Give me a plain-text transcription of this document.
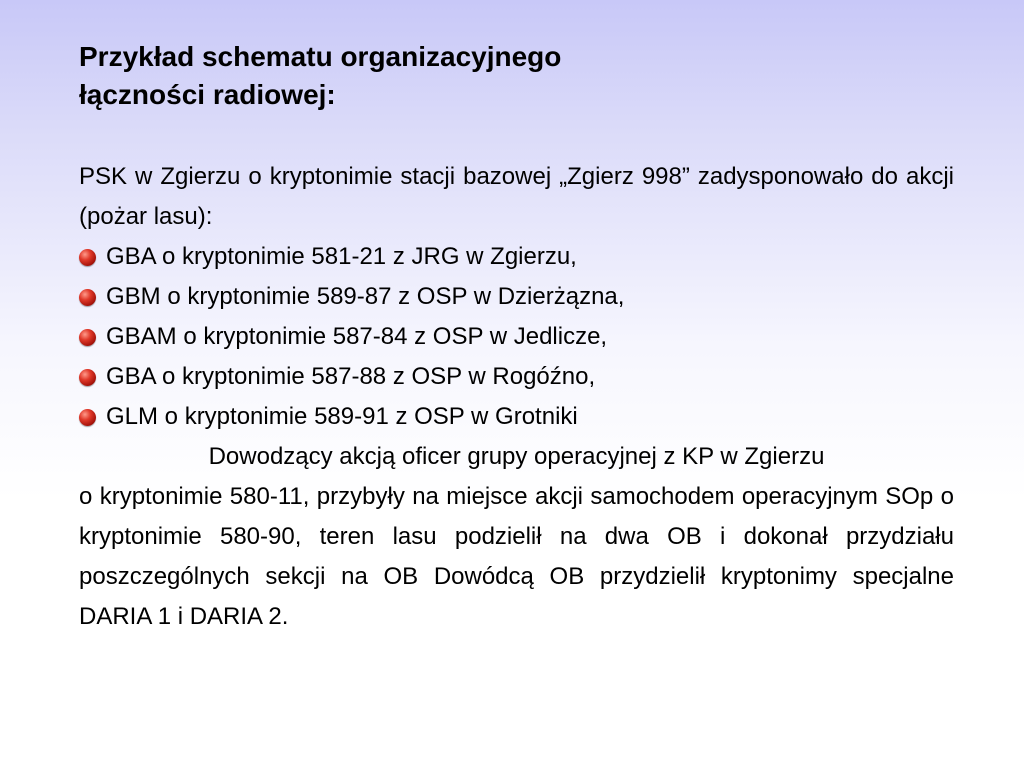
Przykład schematu organizacyjnego
łączności radiowej:

PSK w Zgierzu o kryptonimie stacji bazowej „Zgierz 998” zadysponowało do akcji (pożar lasu):

GBA o kryptonimie 581-21 z JRG w Zgierzu,
GBM o kryptonimie 589-87 z OSP w Dzierżązna,
GBAM o kryptonimie 587-84 z OSP w Jedlicze,
GBA o kryptonimie 587-88 z OSP w Rogóźno,
GLM o kryptonimie 589-91 z OSP w Grotniki

Dowodzący akcją oficer grupy operacyjnej z KP w Zgierzu

o kryptonimie 580-11, przybyły na miejsce akcji samochodem operacyjnym SOp o kryptonimie 580-90, teren lasu podzielił na dwa OB i dokonał przydziału poszczególnych sekcji na OB Dowódcą OB przydzielił kryptonimy specjalne DARIA 1 i DARIA 2.
